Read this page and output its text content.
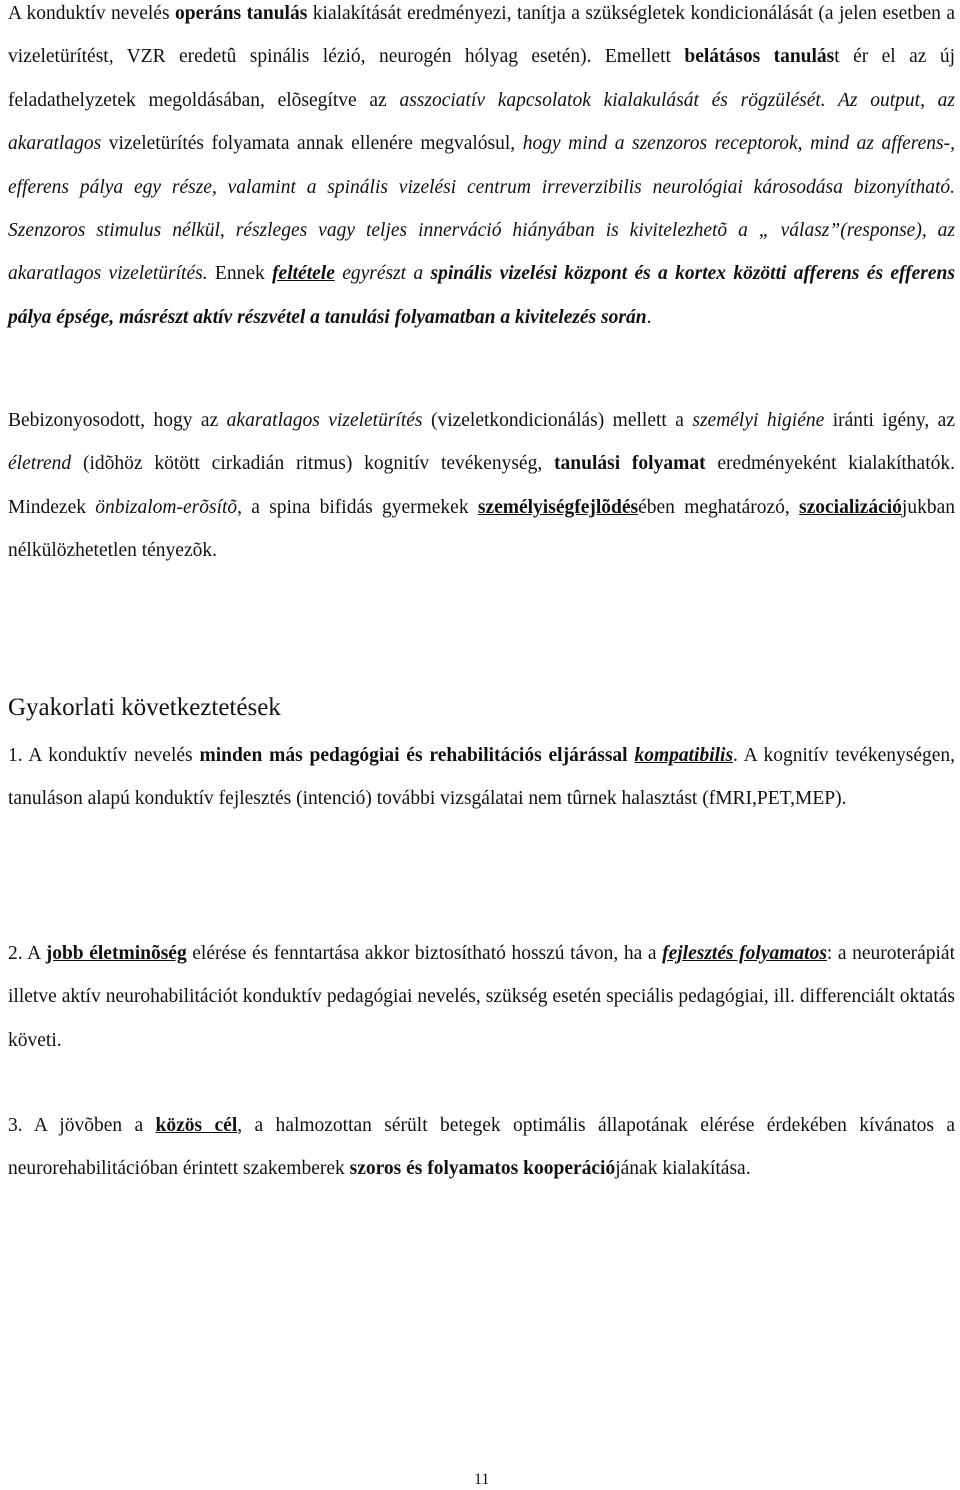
A konduktív nevelés operáns tanulás kialakítását eredményezi, tanítja a szükségletek kondicionálását (a jelen esetben a vizeletürítést, VZR eredetû spinális lézió, neurogén hólyag esetén). Emellett belátásos tanulást ér el az új feladathelyzetek megoldásában, elõsegítve az asszociatív kapcsolatok kialakulását és rögzülését. Az output, az akaratlagos vizeletürítés folyamata annak ellenére megvalósul, hogy mind a szenzoros receptorok, mind az afferens-, efferens pálya egy része, valamint a spinális vizelési centrum irreverzibilis neurológiai károsodása bizonyítható. Szenzoros stimulus nélkül, részleges vagy teljes innerváció hiányában is kivitelezhetõ a „ válasz”(response), az akaratlagos vizeletürítés. Ennek feltétele egyrészt a spinális vizelési központ és a kortex közötti afferens és efferens pálya épsége, másrészt aktív részvétel a tanulási folyamatban a kivitelezés során.

Bebizonyosodott, hogy az akaratlagos vizeletürítés (vizeletkondicionálás) mellett a személyi higiéne iránti igény, az életrend (idõhöz kötött cirkadián ritmus) kognitív tevékenység, tanulási folyamat eredményeként kialakíthatók. Mindezek önbizalom-erõsítõ, a spina bifidás gyermekek személyiségfejlõdésében meghatározó, szocializációjukban nélkülözhetetlen tényezõk.

Gyakorlati következtetések

1. A konduktív nevelés minden más pedagógiai és rehabilitációs eljárással kompatibilis. A kognitív tevékenységen, tanuláson alapú konduktív fejlesztés (intenció) további vizsgálatai nem tûrnek halasztást (fMRI,PET,MEP).

2. A jobb életminõség elérése és fenntartása akkor biztosítható hosszú távon, ha a fejlesztés folyamatos: a neuroterápiát illetve aktív neurohabilitációt konduktív pedagógiai nevelés, szükség esetén speciális pedagógiai, ill. differenciált oktatás követi.

3. A jövõben a közös cél, a halmozottan sérült betegek optimális állapotának elérése érdekében kívánatos a neurorehabilitációban érintett szakemberek szoros és folyamatos kooperációjának kialakítása.

11
